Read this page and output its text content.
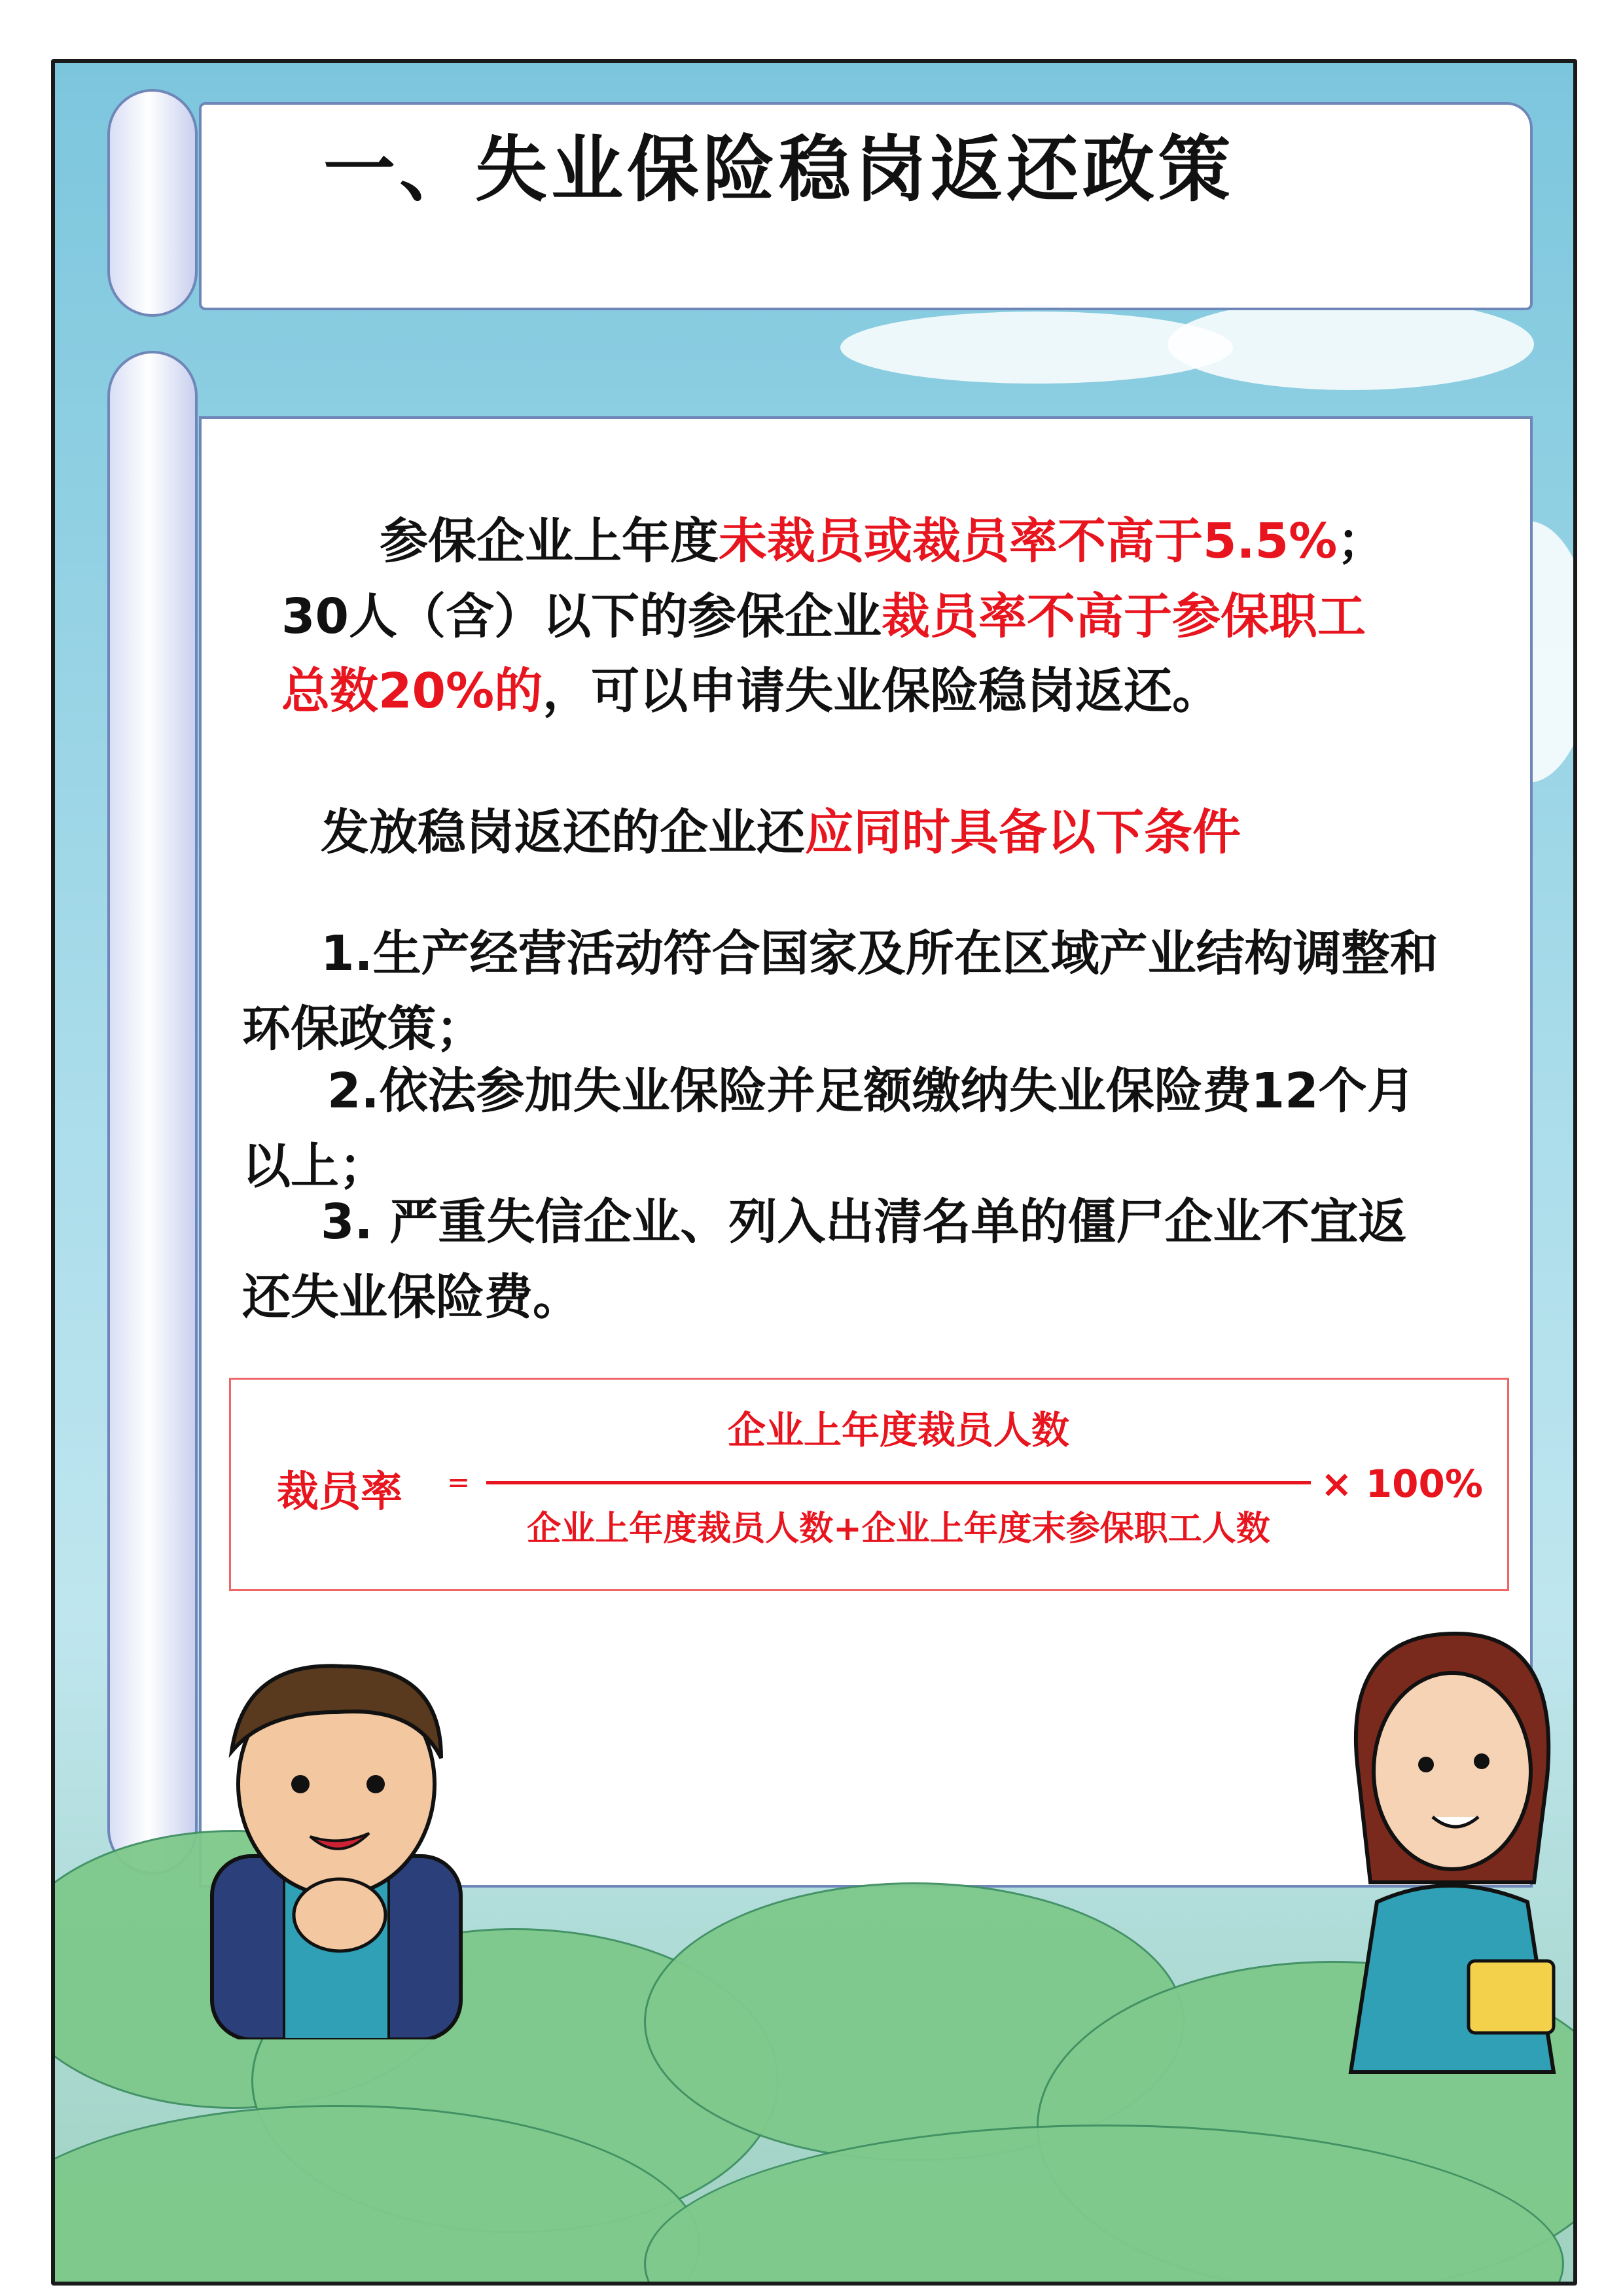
一、失业保险稳岗返还政策
参保企业上年度未裁员或裁员率不高于5.5%；30人（含）以下的参保企业裁员率不高于参保职工总数20%的，可以申请失业保险稳岗返还。
发放稳岗返还的企业还应同时具备以下条件
1.生产经营活动符合国家及所在区域产业结构调整和环保政策；
2.依法参加失业保险并足额缴纳失业保险费12个月以上；
3. 严重失信企业、列入出清名单的僵尸企业不宜返还失业保险费。
裁员率 =
企业上年度裁员人数
企业上年度裁员人数+企业上年度末参保职工人数
× 100%
